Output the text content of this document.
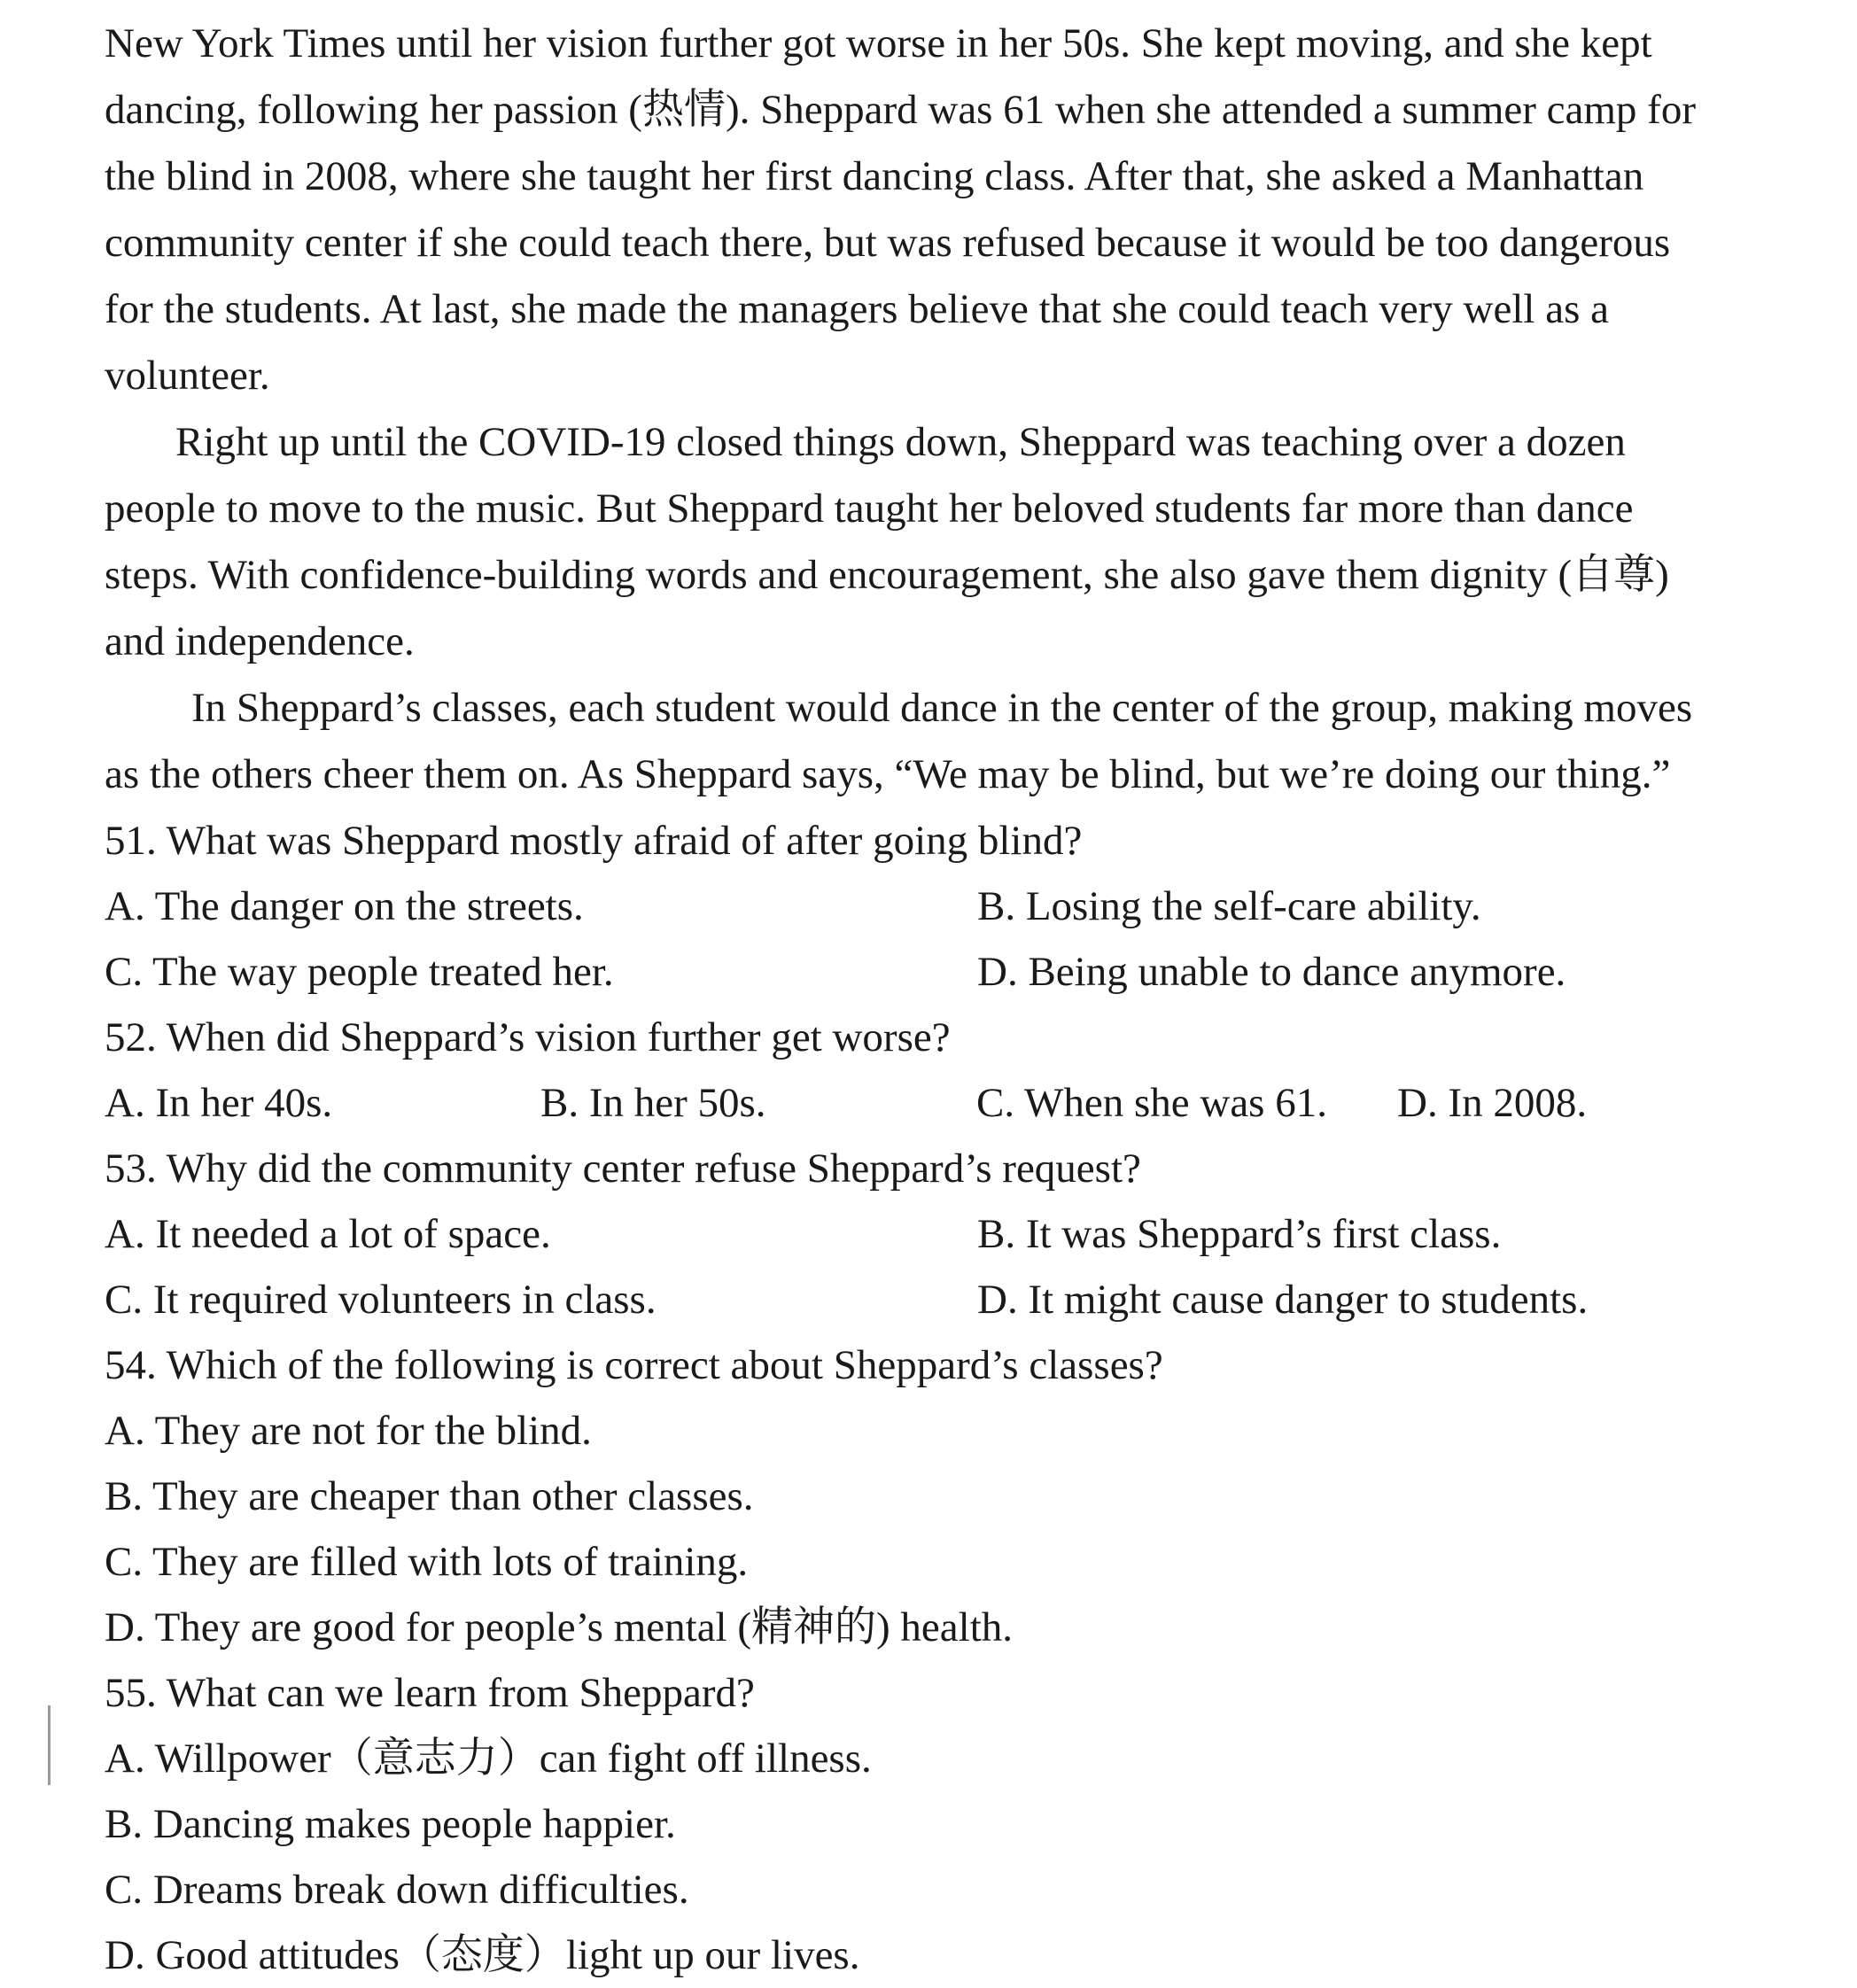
New York Times until her vision further got worse in her 50s. She kept moving, and she kept
dancing, following her passion (热情). Sheppard was 61 when she attended a summer camp for
the blind in 2008, where she taught her first dancing class. After that, she asked a Manhattan
community center if she could teach there, but was refused because it would be too dangerous
for the students. At last, she made the managers believe that she could teach very well as a
volunteer.
Right up until the COVID-19 closed things down, Sheppard was teaching over a dozen
people to move to the music. But Sheppard taught her beloved students far more than dance
steps. With confidence-building words and encouragement, she also gave them dignity (自尊)
and independence.
In Sheppard’s classes, each student would dance in the center of the group, making moves
as the others cheer them on. As Sheppard says, “We may be blind, but we’re doing our thing.”
51. What was Sheppard mostly afraid of after going blind?
A. The danger on the streets.	B. Losing the self-care ability.
C. The way people treated her.	D. Being unable to dance anymore.
52. When did Sheppard’s vision further get worse?
A. In her 40s.	B. In her 50s.	C. When she was 61.	D. In 2008.
53. Why did the community center refuse Sheppard’s request?
A. It needed a lot of space.	B. It was Sheppard’s first class.
C. It required volunteers in class.	D. It might cause danger to students.
54. Which of the following is correct about Sheppard’s classes?
A. They are not for the blind.
B. They are cheaper than other classes.
C. They are filled with lots of training.
D. They are good for people’s mental (精神的) health.
55. What can we learn from Sheppard?
A. Willpower（意志力）can fight off illness.
B. Dancing makes people happier.
C. Dreams break down difficulties.
D. Good attitudes（态度）light up our lives.
